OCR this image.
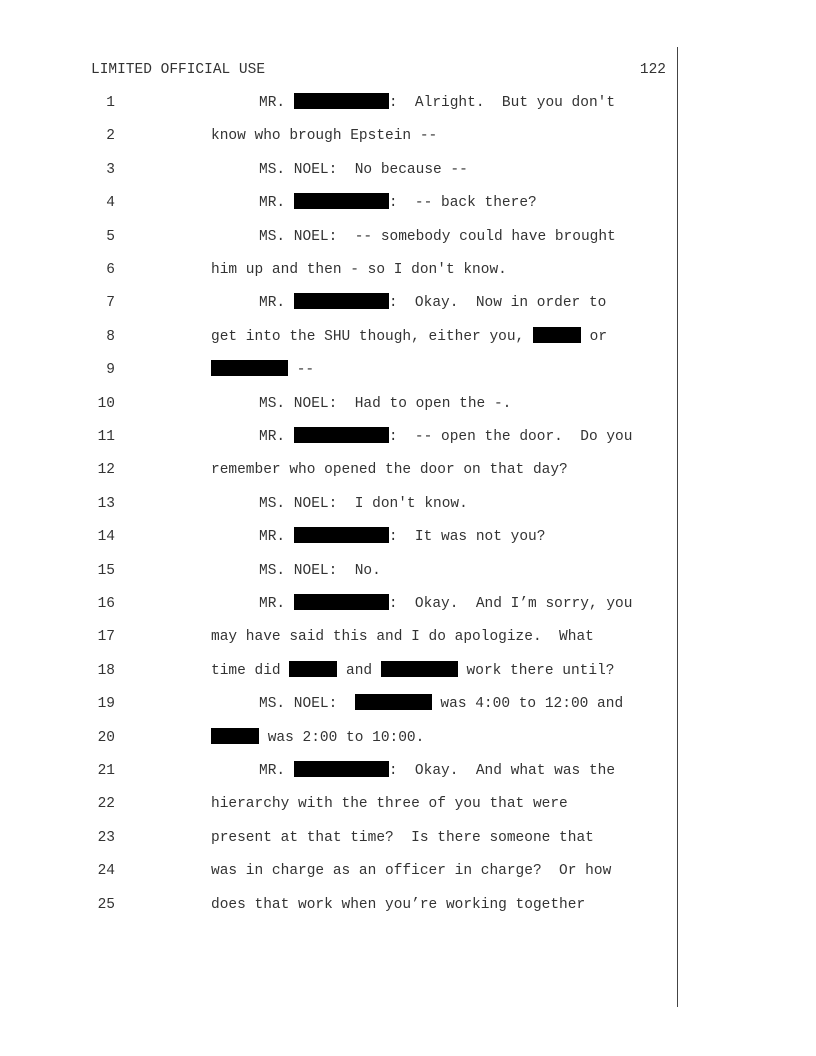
LIMITED OFFICIAL USE	122
1	MR.	:  Alright.  But you don't
2	know who brough Epstein --
3	MS. NOEL:  No because --
4	MR.	:  -- back there?
5	MS. NOEL:  -- somebody could have brought
6	him up and then - so I don't know.
7	MR.	:  Okay.  Now in order to
8	get into the SHU though, either you,	or
9	--
10	MS. NOEL:  Had to open the -.
11	MR.	:  -- open the door.  Do you
12	remember who opened the door on that day?
13	MS. NOEL:  I don't know.
14	MR.	:  It was not you?
15	MS. NOEL:  No.
16	MR.	:  Okay.  And I’m sorry, you
17	may have said this and I do apologize.  What
18	time did	and	work there until?
19	MS. NOEL:	was 4:00 to 12:00 and
20	was 2:00 to 10:00.
21	MR.	:  Okay.  And what was the
22	hierarchy with the three of you that were
23	present at that time?  Is there someone that
24	was in charge as an officer in charge?  Or how
25	does that work when you’re working together
